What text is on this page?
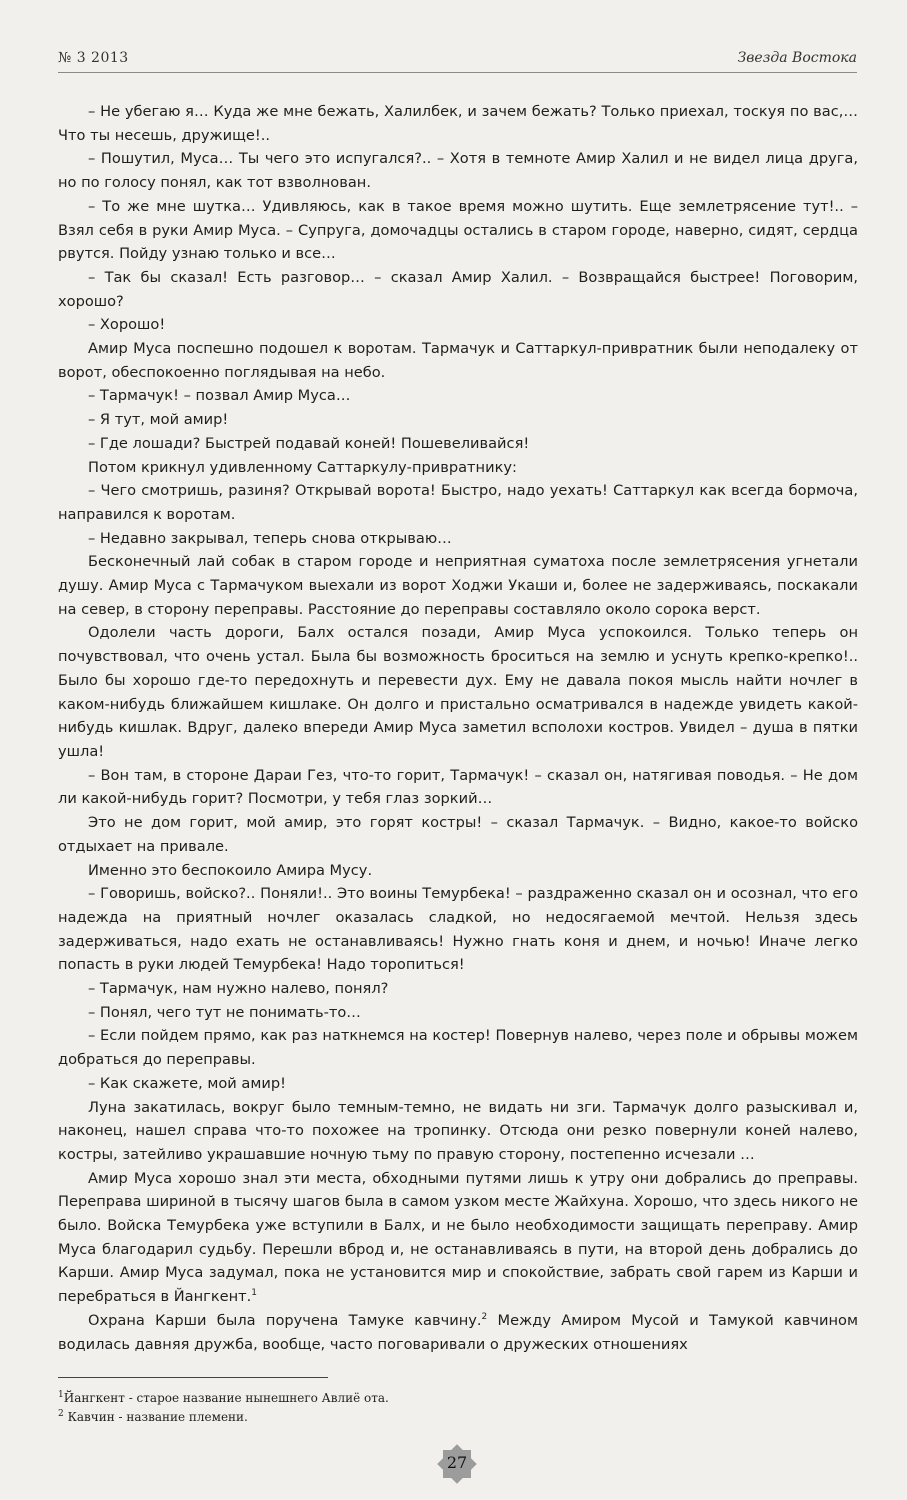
№ 3 2013	Звезда Востока

– Не убегаю я… Куда же мне бежать, Халилбек, и зачем бежать? Только приехал, тоскуя по вас,… Что ты несешь, дружище!..

– Пошутил, Муса… Ты чего это испугался?.. – Хотя в темноте Амир Халил и не видел лица друга, но по голосу понял, как тот взволнован.

– То же мне шутка… Удивляюсь, как в такое время можно шутить. Еще землетрясение тут!.. – Взял себя в руки Амир Муса. – Супруга, домочадцы остались в старом городе, наверно, сидят, сердца рвутся. Пойду узнаю только и все…

– Так бы сказал! Есть разговор… – сказал Амир Халил. – Возвращайся быстрее! Поговорим, хорошо?

– Хорошо!

Амир Муса поспешно подошел к воротам. Тармачук и Саттаркул-привратник были неподалеку от ворот, обеспокоенно поглядывая на небо.

– Тармачук! – позвал Амир Муса…

– Я тут, мой амир!

– Где лошади? Быстрей подавай коней! Пошевеливайся!

Потом крикнул удивленному Саттаркулу-привратнику:

– Чего смотришь, разиня? Открывай ворота! Быстро, надо уехать! Саттаркул как всегда бормоча, направился к воротам.

– Недавно закрывал, теперь снова открываю…

Бесконечный лай собак в старом городе и неприятная суматоха после землетрясения угнетали душу. Амир Муса с Тармачуком выехали из ворот Ходжи Укаши и, более не задерживаясь, поскакали на север, в сторону переправы. Расстояние до переправы составляло около сорока верст.

Одолели часть дороги, Балх остался позади, Амир Муса успокоился. Только теперь он почувствовал, что очень устал. Была бы возможность броситься на землю и уснуть крепко-крепко!.. Было бы хорошо где-то передохнуть и перевести дух. Ему не давала покоя мысль найти ночлег в каком-нибудь ближайшем кишлаке. Он долго и пристально осматривался в надежде увидеть какой-нибудь кишлак. Вдруг, далеко впереди Амир Муса заметил всполохи костров. Увидел – душа в пятки ушла!

– Вон там, в стороне Дараи Гез, что-то горит, Тармачук! – сказал он, натягивая поводья. – Не дом ли какой-нибудь горит? Посмотри, у тебя глаз зоркий…

Это не дом горит, мой амир, это горят костры! – сказал Тармачук. – Видно, какое-то войско отдыхает на привале.

Именно это беспокоило Амира Мусу.

– Говоришь, войско?.. Поняли!.. Это воины Темурбека! – раздраженно сказал он и осознал, что его надежда на приятный ночлег оказалась сладкой, но недосягаемой мечтой. Нельзя здесь задерживаться, надо ехать не останавливаясь! Нужно гнать коня и днем, и ночью! Иначе легко попасть в руки людей Темурбека! Надо торопиться!

– Тармачук, нам нужно налево, понял?

– Понял, чего тут не понимать-то…

– Если пойдем прямо, как раз наткнемся на костер! Повернув налево, через поле и обрывы можем добраться до переправы.

– Как скажете, мой амир!

Луна закатилась, вокруг было темным-темно, не видать ни зги. Тармачук долго разыскивал и, наконец, нашел справа что-то похожее на тропинку. Отсюда они резко повернули коней налево, костры, затейливо украшавшие ночную тьму по правую сторону, постепенно исчезали …

Амир Муса хорошо знал эти места, обходными путями лишь к утру они добрались до преправы. Переправа шириной в тысячу шагов была в самом узком месте Жайхуна. Хорошо, что здесь никого не было. Войска Темурбека уже вступили в Балх, и не было необходимости защищать переправу. Амир Муса благодарил судьбу. Перешли вброд и, не останавливаясь в пути, на второй день добрались до Карши. Амир Муса задумал, пока не установится мир и спокойствие, забрать свой гарем из Карши и перебраться в Йангкент.$^1$

Охрана Карши была поручена Тамуке кавчину.$^2$ Между Амиром Мусой и Тамукой кавчином водилась давняя дружба, вообще, часто поговаривали о дружеских отношениях

$^1$Йангкент - старое название нынешнего Авлиё ота.
$^2$ Кавчин - название племени.
27
